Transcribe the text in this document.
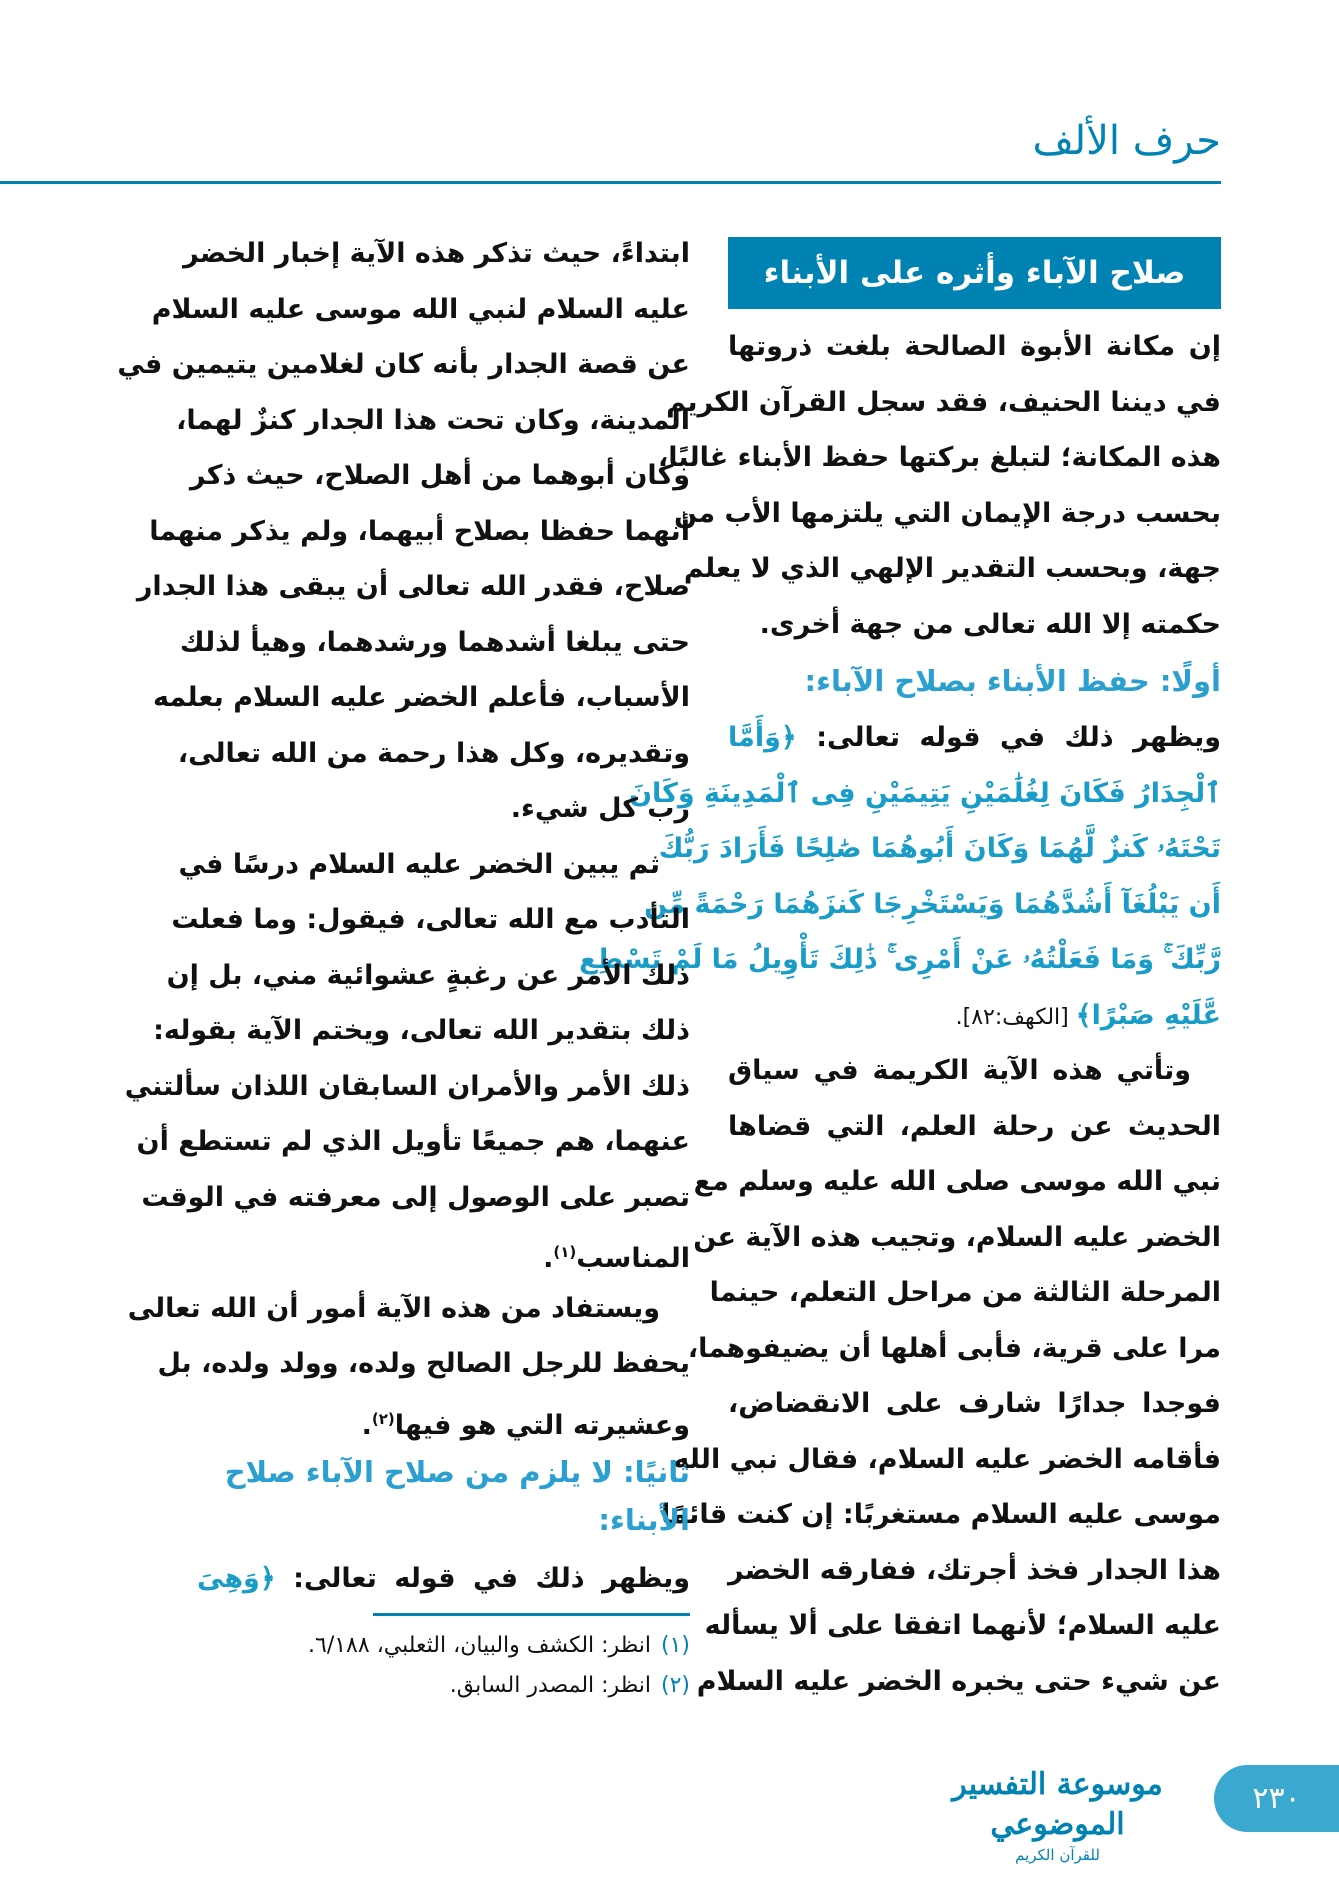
حرف الألف
صلاح الآباء وأثره على الأبناء
إن مكانة الأبوة الصالحة بلغت ذروتها
في ديننا الحنيف، فقد سجل القرآن الكريم
هذه المكانة؛ لتبلغ بركتها حفظ الأبناء غالبًا،
بحسب درجة الإيمان التي يلتزمها الأب من
جهة، وبحسب التقدير الإلهي الذي لا يعلم
حكمته إلا الله تعالى من جهة أخرى.
أولًا: حفظ الأبناء بصلاح الآباء:
ويظهر ذلك في قوله تعالى: ﴿وَأَمَّا
ٱلْجِدَارُ فَكَانَ لِغُلَٰمَيْنِ يَتِيمَيْنِ فِى ٱلْمَدِينَةِ وَكَانَ
تَحْتَهُۥ كَنزٌ لَّهُمَا وَكَانَ أَبُوهُمَا صَٰلِحًا فَأَرَادَ رَبُّكَ
أَن يَبْلُغَآ أَشُدَّهُمَا وَيَسْتَخْرِجَا كَنزَهُمَا رَحْمَةً مِّن
رَّبِّكَ ۚ وَمَا فَعَلْتُهُۥ عَنْ أَمْرِى ۚ ذَٰلِكَ تَأْوِيلُ مَا لَمْ تَسْطِع
عَّلَيْهِ صَبْرًا﴾ [الكهف:٨٢].
وتأتي هذه الآية الكريمة في سياق
الحديث عن رحلة العلم، التي قضاها
نبي الله موسى صلى الله عليه وسلم مع
الخضر عليه السلام، وتجيب هذه الآية عن
المرحلة الثالثة من مراحل التعلم، حينما
مرا على قرية، فأبى أهلها أن يضيفوهما،
فوجدا جدارًا شارف على الانقضاض،
فأقامه الخضر عليه السلام، فقال نبي الله
موسى عليه السلام مستغربًا: إن كنت قائمًا
هذا الجدار فخذ أجرتك، ففارقه الخضر
عليه السلام؛ لأنهما اتفقا على ألا يسأله
عن شيء حتى يخبره الخضر عليه السلام
ابتداءً، حيث تذكر هذه الآية إخبار الخضر
عليه السلام لنبي الله موسى عليه السلام
عن قصة الجدار بأنه كان لغلامين يتيمين في
المدينة، وكان تحت هذا الجدار كنزٌ لهما،
وكان أبوهما من أهل الصلاح، حيث ذكر
أنهما حفظا بصلاح أبيهما، ولم يذكر منهما
صلاح، فقدر الله تعالى أن يبقى هذا الجدار
حتى يبلغا أشدهما ورشدهما، وهيأ لذلك
الأسباب، فأعلم الخضر عليه السلام بعلمه
وتقديره، وكل هذا رحمة من الله تعالى،
رب كل شيء.
ثم يبين الخضر عليه السلام درسًا في
التأدب مع الله تعالى، فيقول: وما فعلت
ذلك الأمر عن رغبةٍ عشوائية مني، بل إن
ذلك بتقدير الله تعالى، ويختم الآية بقوله:
ذلك الأمر والأمران السابقان اللذان سألتني
عنهما، هم جميعًا تأويل الذي لم تستطع أن
تصبر على الوصول إلى معرفته في الوقت
المناسب$^{(١)}$.
ويستفاد من هذه الآية أمور أن الله تعالى
يحفظ للرجل الصالح ولده، وولد ولده، بل
وعشيرته التي هو فيها$^{(٢)}$.
ثانيًا: لا يلزم من صلاح الآباء صلاح
الأبناء:
ويظهر ذلك في قوله تعالى: ﴿وَهِىَ
(١)انظر: الكشف والبيان، الثعلبي، ٦/١٨٨.
(٢)انظر: المصدر السابق.
موسوعة التفسير الموضوعي
للقرآن الكريم
٢٣٠
